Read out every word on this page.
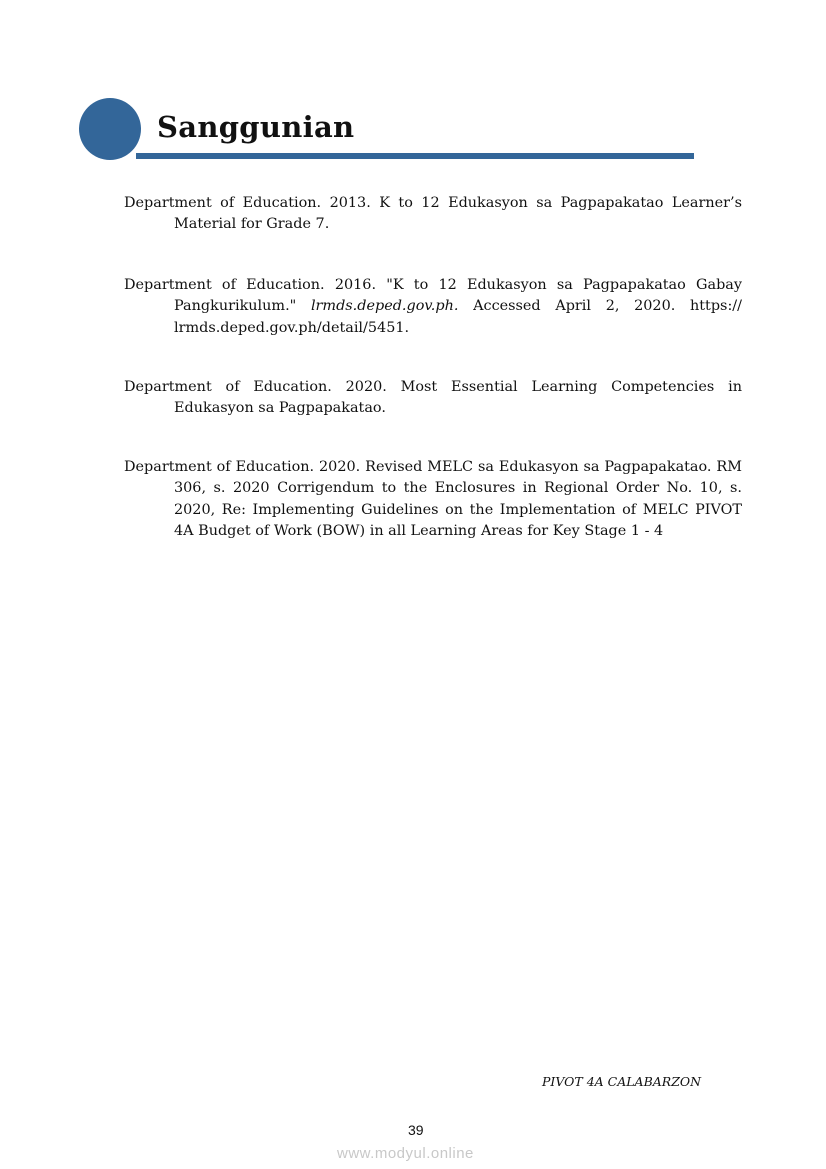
Sanggunian
Department of Education. 2013. K to 12 Edukasyon sa Pagpapakatao Learner’s Material for Grade 7.
Department of Education. 2016. "K to 12 Edukasyon sa Pagpapakatao Gabay Pangkurikulum." lrmds.deped.gov.ph. Accessed April 2, 2020. https:// lrmds.deped.gov.ph/detail/5451.
Department of Education. 2020. Most Essential Learning Competencies in Edukasyon sa Pagpapakatao.
Department of Education. 2020. Revised MELC sa Edukasyon sa Pagpapakatao. RM 306, s. 2020 Corrigendum to the Enclosures in Regional Order No. 10, s. 2020, Re: Implementing Guidelines on the Implementation of MELC PIVOT 4A Budget of Work (BOW) in all Learning Areas for Key Stage 1 - 4
PIVOT 4A CALABARZON
39
www.modyul.online
